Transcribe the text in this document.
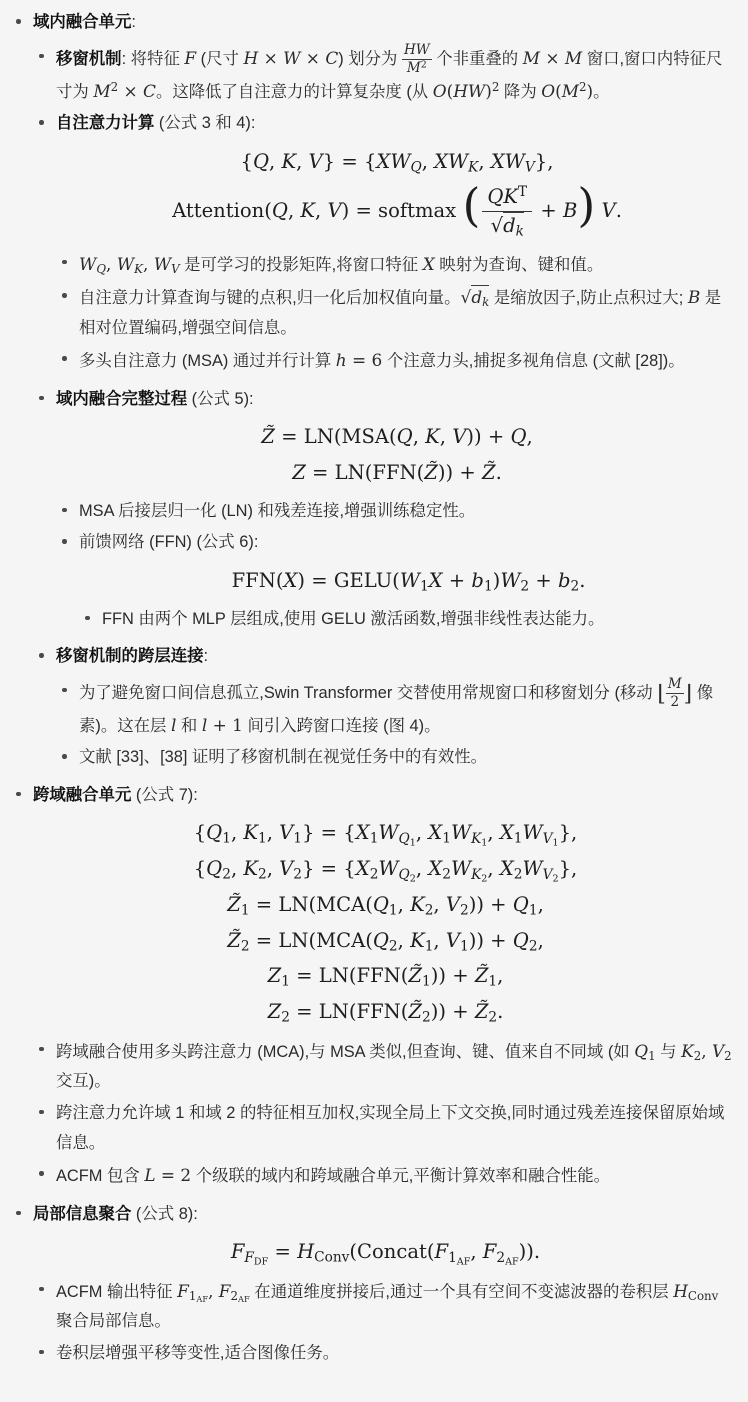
域内融合单元:
移窗机制: 将特征 F (尺寸 H × W × C) 划分为 $\frac{HW}{M^2}$ 个非重叠的 M × M 窗口,窗口内特征尺寸为 $M^2 \times C$。这降低了自注意力的计算复杂度 (从 O(HW)$^2$ 降为 $O(M^2)$。
自注意力计算 (公式 3 和 4):
{Q, K, $V\} = \{XW_Q$, $XW_K$, $XW_V$},
Attention(Q, K, V) = softmax ( $QK^T$
$√d_k$
+ B) V.
$W_Q$, $W_K$, $W_V$ 是可学习的投影矩阵,将窗口特征 X 映射为查询、键和值。
自注意力计算查询与键的点积,归一化后加权值向量。$√d_k$ 是缩放因子,防止点积过大; B 是相对位置编码,增强空间信息。
多头自注意力 (MSA) 通过并行计算 h = 6 个注意力头,捕捉多视角信息 (文献 [28])。
域内融合完整过程 (公式 5):
Z̃ = LN(MSA(Q, K, V)) + Q,
Z = LN(FFN(Z̃)) + Z̃.
MSA 后接层归一化 (LN) 和残差连接,增强训练稳定性。
前馈网络 (FFN) (公式 6):
$FFN(X) = GELU(W_1X + b_1)W_2 + b_2$.
FFN 由两个 MLP 层组成,使用 GELU 激活函数,增强非线性表达能力。
移窗机制的跨层连接:
为了避免窗口间信息孤立,Swin Transformer 交替使用常规窗口和移窗划分 (移动 ⌊ $\frac{M}{2}$ ⌋ 像素)。这在层 l 和 l + 1 间引入跨窗口连接 (图 4)。
文献 [33]、[38] 证明了移窗机制在视觉任务中的有效性。
跨域融合单元 (公式 7):
{$Q_1$, $K_1$, $V_1\} = \{X_1W_{Q_1}$, $X_1W_{K_1}$, $X_1W_{V_1}$},
{$Q_2$, $K_2$, $V_2\} = \{X_2W_{Q_2}$, $X_2W_{K_2}$, $X_2W_{V_2}$},
$Z̃_1 = LN(MCA(Q_1$, $K_2$, $V_2)) + Q_1$,
$Z̃_2 = LN(MCA(Q_2$, $K_1$, $V_1)) + Q_2$,
$Z_1$ = $LN(FFN(Z̃_1))$ + $Z̃_1$,
$Z_2$ = $LN(FFN(Z̃_2))$ + $Z̃_2$.
跨域融合使用多头跨注意力 (MCA),与 MSA 类似,但查询、键、值来自不同域 (如 $Q_1$ 与 $K_2$, $V_2$ 交互)。
跨注意力允许域 1 和域 2 的特征相互加权,实现全局上下文交换,同时通过残差连接保留原始域信息。
ACFM 包含 L = 2 个级联的域内和跨域融合单元,平衡计算效率和融合性能。
局部信息聚合 (公式 8):
$F_{F_{DF}}$ = $H_{Conv}(Concat(F_{1_{AF}}$, $F_{2_{AF}}$)).
ACFM 输出特征 $F_{1_{AF}}$, $F_{2_{AF}}$ 在通道维度拼接后,通过一个具有空间不变滤波器的卷积层 $H_{Conv}$ 聚合局部信息。
卷积层增强平移等变性,适合图像任务。
